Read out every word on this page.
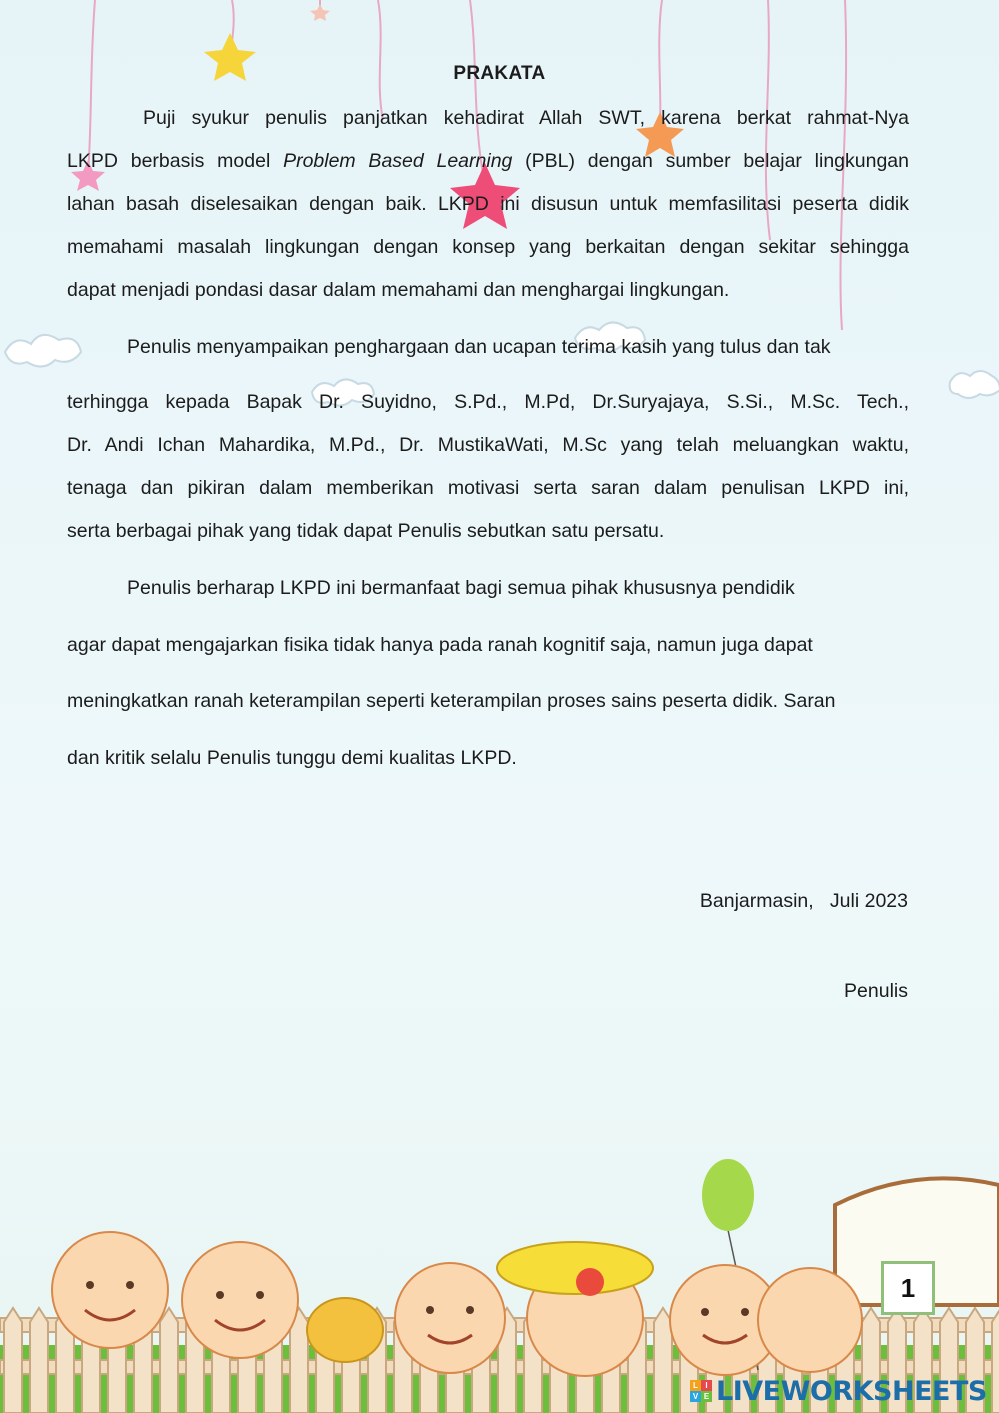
PRAKATA
Puji syukur penulis panjatkan kehadirat Allah SWT, karena berkat rahmat-Nya
LKPD berbasis model Problem Based Learning (PBL) dengan sumber belajar lingkungan
lahan basah diselesaikan dengan baik. LKPD ini disusun untuk memfasilitasi peserta didik
memahami masalah lingkungan dengan konsep yang berkaitan dengan sekitar sehingga
dapat menjadi pondasi dasar dalam memahami dan menghargai lingkungan.
Penulis menyampaikan penghargaan dan ucapan terima kasih yang tulus dan tak
terhingga kepada Bapak Dr. Suyidno, S.Pd., M.Pd, Dr.Suryajaya, S.Si., M.Sc. Tech.,
Dr. Andi Ichan Mahardika, M.Pd., Dr. MustikaWati, M.Sc yang telah meluangkan waktu,
tenaga dan pikiran dalam memberikan motivasi serta saran dalam penulisan LKPD ini,
serta berbagai pihak yang tidak dapat Penulis sebutkan satu persatu.
Penulis berharap LKPD ini bermanfaat bagi semua pihak khususnya pendidik
agar dapat mengajarkan fisika tidak hanya pada ranah kognitif saja, namun juga dapat
meningkatkan ranah keterampilan seperti keterampilan proses sains peserta didik. Saran
dan kritik selalu Penulis tunggu demi kualitas LKPD.
Banjarmasin,   Juli 2023
Penulis
1
L I
V E LIVEWORKSHEETS
